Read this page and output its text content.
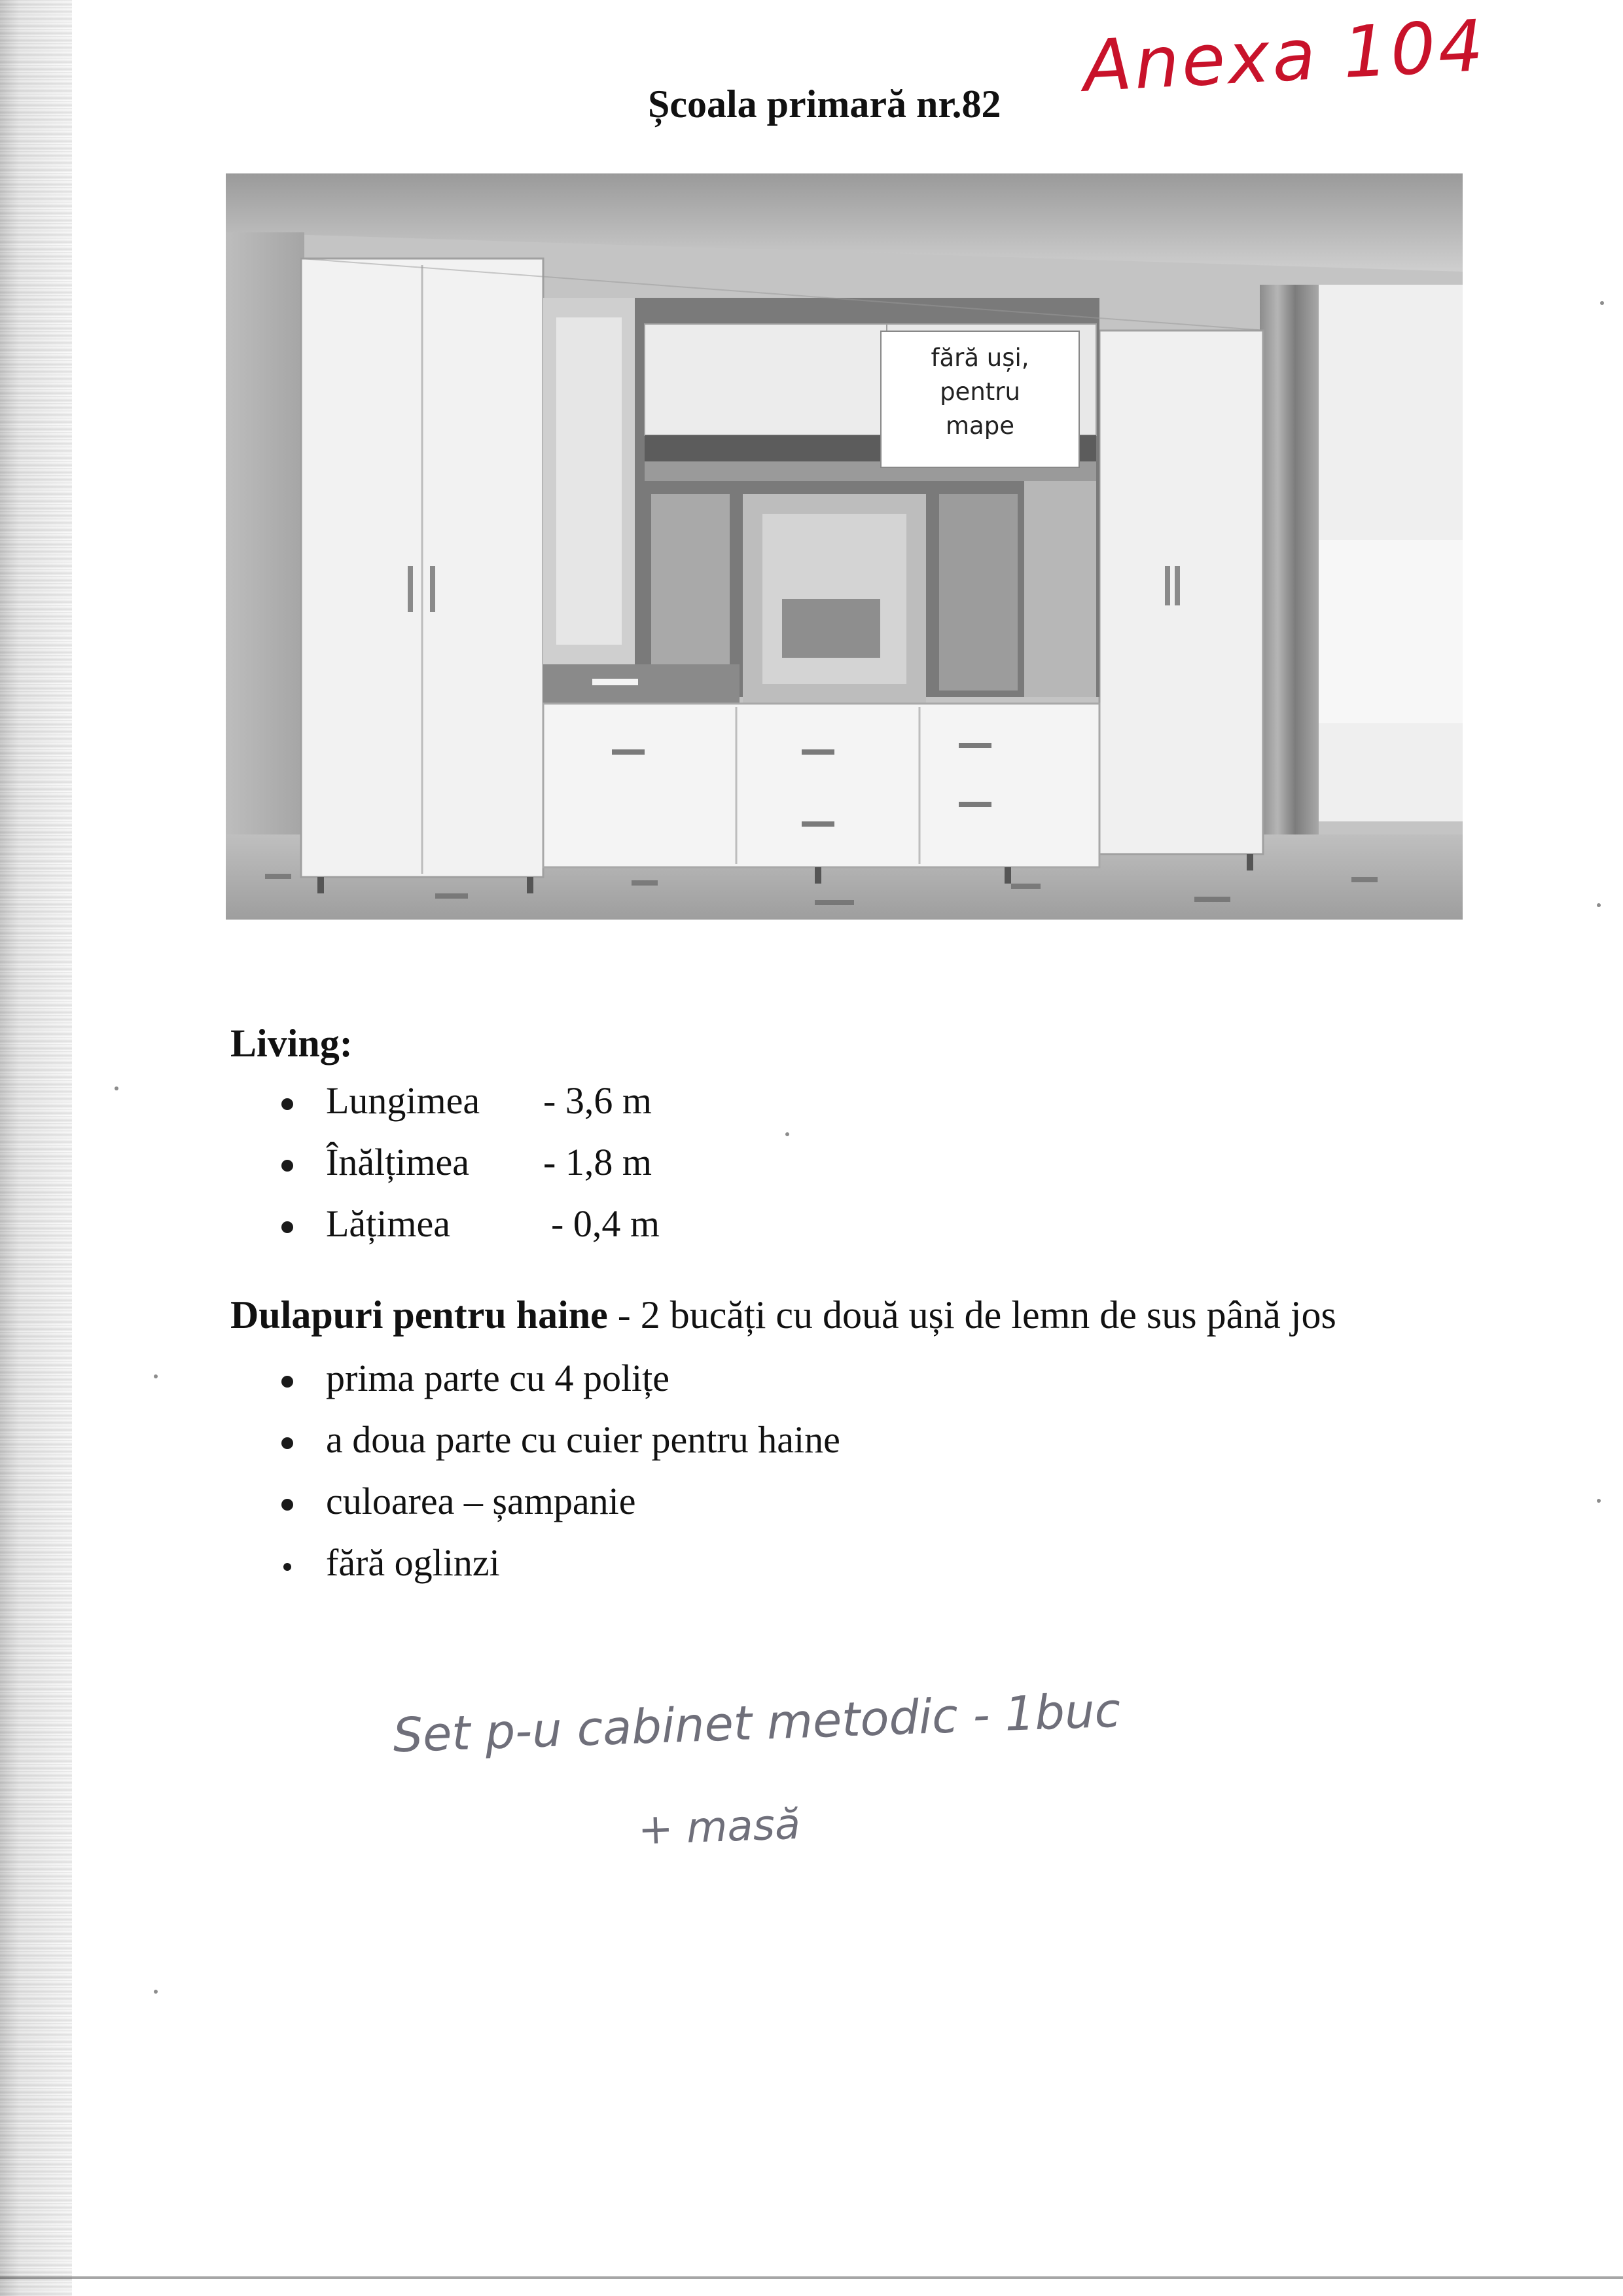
Anexa 104
Școala primară nr.82
fără uși,
pentru
mape
Living:
Lungimea - 3,6 m
Înălțimea - 1,8 m
Lățimea	- 0,4 m
Dulapuri pentru haine - 2 bucăți cu două uși de lemn de sus până jos
prima parte cu 4 polițe
a doua parte cu cuier pentru haine
culoarea – șampanie
fără oglinzi
Set p-u cabinet metodic - 1buc
+ masă
